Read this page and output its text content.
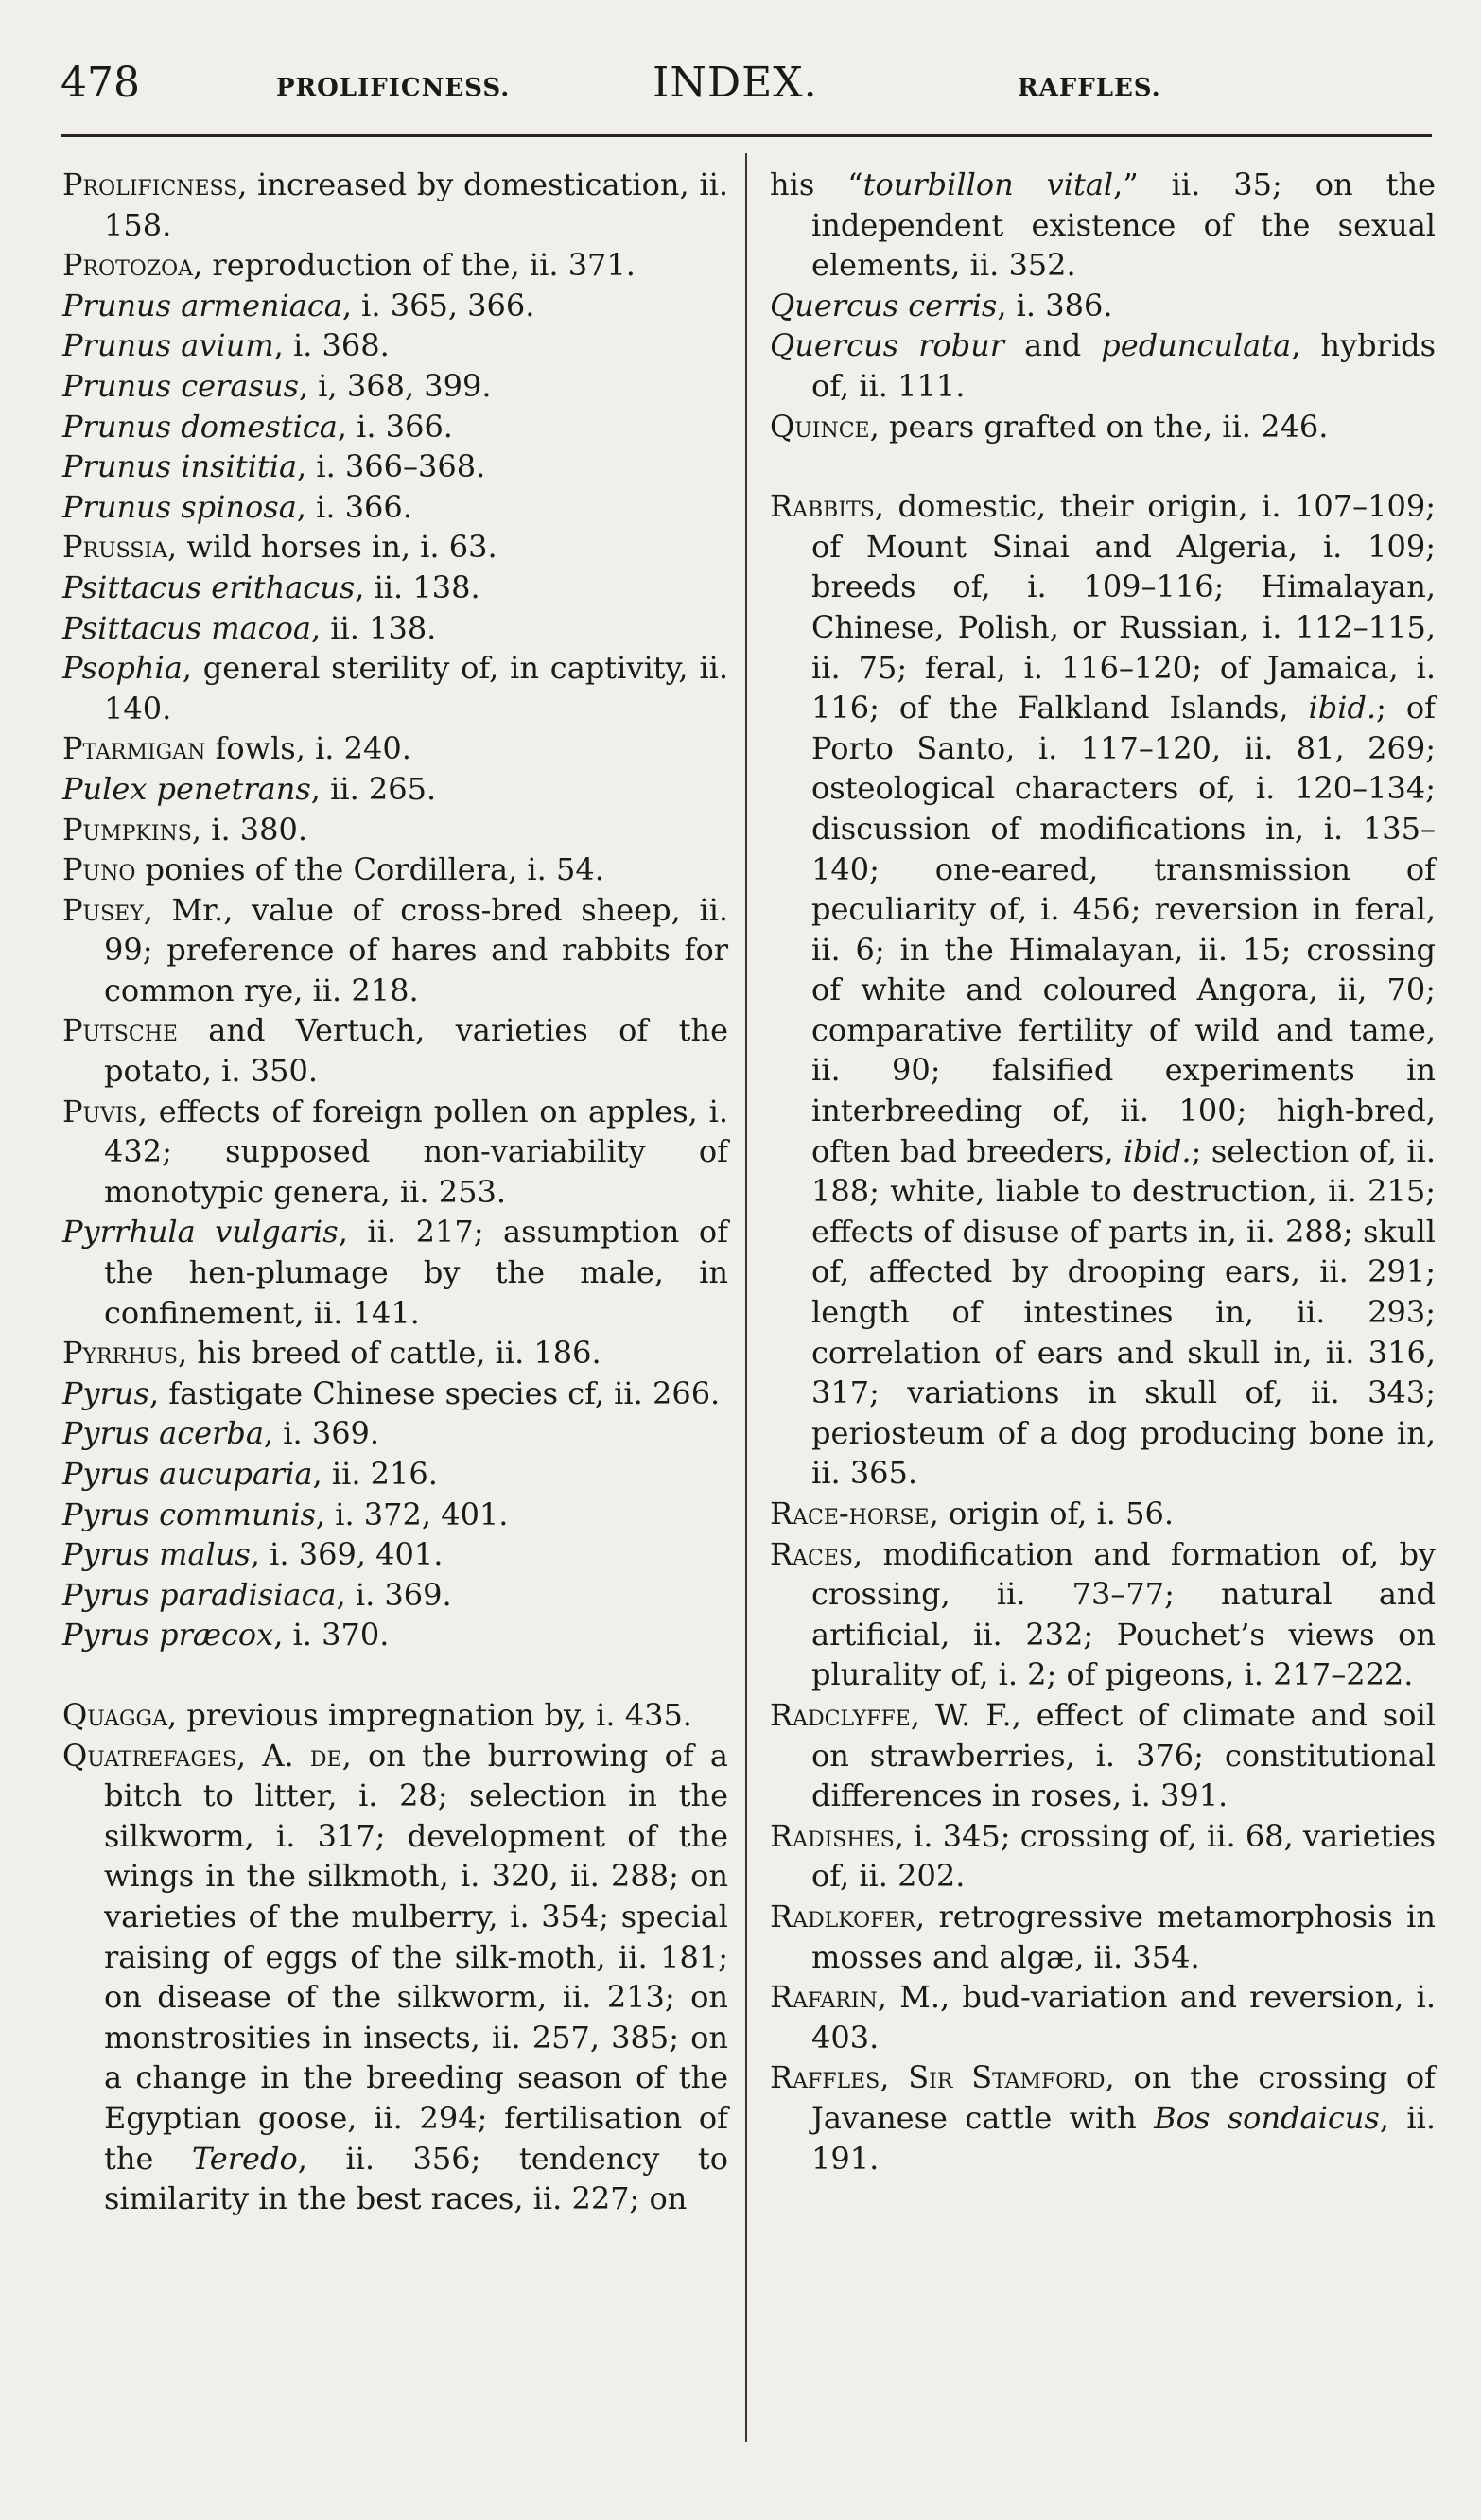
478	PROLIFICNESS.	INDEX.	RAFFLES.

Prolificness, increased by domestication, ii. 158.

Protozoa, reproduction of the, ii. 371.

Prunus armeniaca, i. 365, 366.

Prunus avium, i. 368.

Prunus cerasus, i, 368, 399.

Prunus domestica, i. 366.

Prunus insititia, i. 366–368.

Prunus spinosa, i. 366.

Prussia, wild horses in, i. 63.

Psittacus erithacus, ii. 138.

Psittacus macoa, ii. 138.

Psophia, general sterility of, in captivity, ii. 140.

Ptarmigan fowls, i. 240.

Pulex penetrans, ii. 265.

Pumpkins, i. 380.

Puno ponies of the Cordillera, i. 54.

Pusey, Mr., value of cross-bred sheep, ii. 99; preference of hares and rabbits for common rye, ii. 218.

Putsche and Vertuch, varieties of the potato, i. 350.

Puvis, effects of foreign pollen on apples, i. 432; supposed non-variability of monotypic genera, ii. 253.

Pyrrhula vulgaris, ii. 217; assumption of the hen-plumage by the male, in confinement, ii. 141.

Pyrrhus, his breed of cattle, ii. 186.

Pyrus, fastigate Chinese species cf, ii. 266.

Pyrus acerba, i. 369.

Pyrus aucuparia, ii. 216.

Pyrus communis, i. 372, 401.

Pyrus malus, i. 369, 401.

Pyrus paradisiaca, i. 369.

Pyrus præcox, i. 370.

Quagga, previous impregnation by, i. 435.

Quatrefages, A. de, on the burrowing of a bitch to litter, i. 28; selection in the silkworm, i. 317; development of the wings in the silkmoth, i. 320, ii. 288; on varieties of the mulberry, i. 354; special raising of eggs of the silk-moth, ii. 181; on disease of the silkworm, ii. 213; on monstrosities in insects, ii. 257, 385; on a change in the breeding season of the Egyptian goose, ii. 294; fertilisation of the Teredo, ii. 356; tendency to similarity in the best races, ii. 227; on

his “tourbillon vital,” ii. 35; on the independent existence of the sexual elements, ii. 352.

Quercus cerris, i. 386.

Quercus robur and pedunculata, hybrids of, ii. 111.

Quince, pears grafted on the, ii. 246.

Rabbits, domestic, their origin, i. 107–109; of Mount Sinai and Algeria, i. 109; breeds of, i. 109–116; Himalayan, Chinese, Polish, or Russian, i. 112–115, ii. 75; feral, i. 116–120; of Jamaica, i. 116; of the Falkland Islands, ibid.; of Porto Santo, i. 117–120, ii. 81, 269; osteological characters of, i. 120–134; discussion of modifications in, i. 135–140; one-eared, transmission of peculiarity of, i. 456; reversion in feral, ii. 6; in the Himalayan, ii. 15; crossing of white and coloured Angora, ii, 70; comparative fertility of wild and tame, ii. 90; falsified experiments in interbreeding of, ii. 100; high-bred, often bad breeders, ibid.; selection of, ii. 188; white, liable to destruction, ii. 215; effects of disuse of parts in, ii. 288; skull of, affected by drooping ears, ii. 291; length of intestines in, ii. 293; correlation of ears and skull in, ii. 316, 317; variations in skull of, ii. 343; periosteum of a dog producing bone in, ii. 365.

Race-horse, origin of, i. 56.

Races, modification and formation of, by crossing, ii. 73–77; natural and artificial, ii. 232; Pouchet’s views on plurality of, i. 2; of pigeons, i. 217–222.

Radclyffe, W. F., effect of climate and soil on strawberries, i. 376; constitutional differences in roses, i. 391.

Radishes, i. 345; crossing of, ii. 68, varieties of, ii. 202.

Radlkofer, retrogressive metamorphosis in mosses and algæ, ii. 354.

Rafarin, M., bud-variation and reversion, i. 403.

Raffles, Sir Stamford, on the crossing of Javanese cattle with Bos sondaicus, ii. 191.
